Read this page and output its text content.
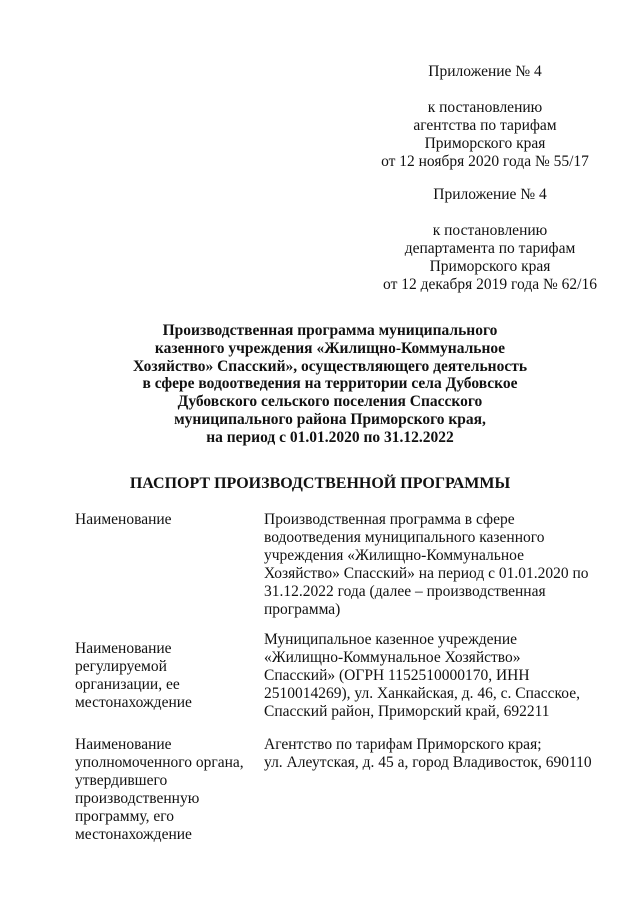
Приложение № 4
к постановлению
агентства по тарифам
Приморского края
от 12 ноября 2020 года № 55/17
Приложение № 4
к постановлению
департамента по тарифам
Приморского края
от 12 декабря 2019 года № 62/16
Производственная программа муниципального
казенного учреждения «Жилищно-Коммунальное
Хозяйство» Спасский», осуществляющего деятельность
в сфере водоотведения на территории села Дубовское
Дубовского сельского поселения Спасского
муниципального района Приморского края,
на период с 01.01.2020 по 31.12.2022
ПАСПОРТ ПРОИЗВОДСТВЕННОЙ ПРОГРАММЫ
Наименование	Производственная программа в сфере
водоотведения муниципального казенного
учреждения «Жилищно-Коммунальное
Хозяйство» Спасский» на период с 01.01.2020 по
31.12.2022 года (далее – производственная
программа)
Наименование
регулируемой
организации, ее
местонахождение
Муниципальное казенное учреждение
«Жилищно-Коммунальное Хозяйство»
Спасский» (ОГРН 1152510000170, ИНН
2510014269), ул. Ханкайская, д. 46, с. Спасское,
Спасский район, Приморский край, 692211
Наименование
уполномоченного органа,
утвердившего
производственную
программу, его
местонахождение
Агентство по тарифам Приморского края;
ул. Алеутская, д. 45 а, город Владивосток, 690110
